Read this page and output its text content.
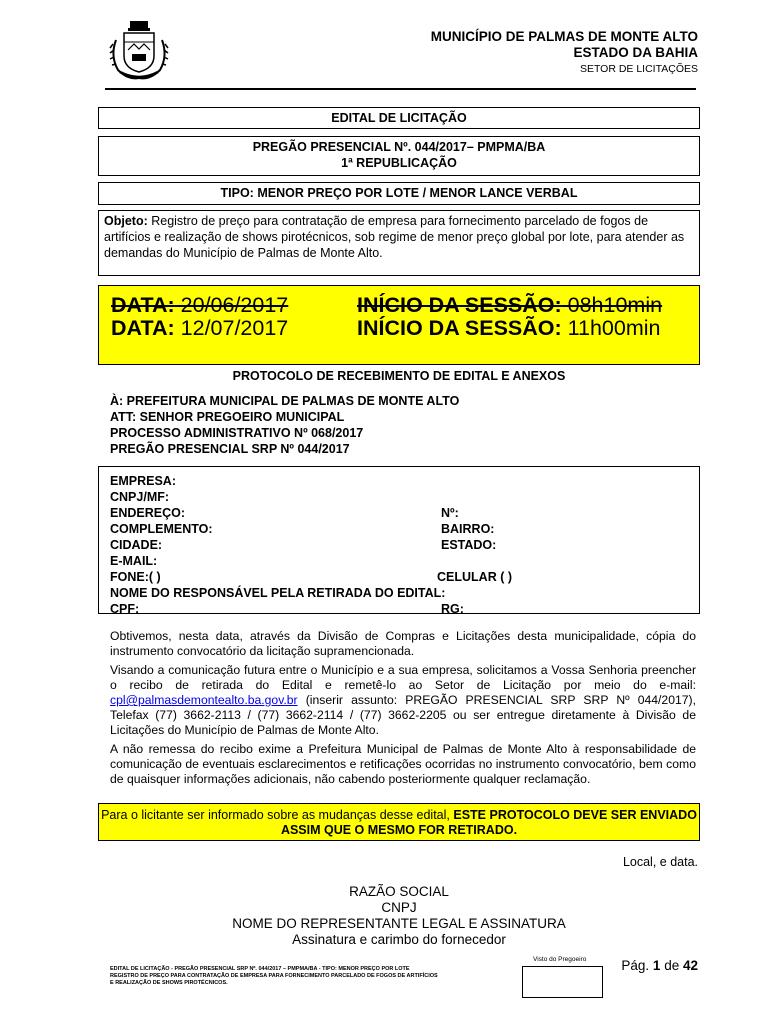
MUNICÍPIO DE PALMAS DE MONTE ALTO
ESTADO DA BAHIA
SETOR DE LICITAÇÕES
EDITAL DE LICITAÇÃO
PREGÃO PRESENCIAL Nº. 044/2017– PMPMA/BA
1ª REPUBLICAÇÃO
TIPO: MENOR PREÇO POR LOTE / MENOR LANCE VERBAL
Objeto: Registro de preço para contratação de empresa para fornecimento parcelado de fogos de artifícios e realização de shows pirotécnicos, sob regime de menor preço global por lote, para atender as demandas do Município de Palmas de Monte Alto.
DATA: 20/06/2017	INÍCIO DA SESSÃO: 08h10min
DATA: 12/07/2017	INÍCIO DA SESSÃO: 11h00min
PROTOCOLO DE RECEBIMENTO DE EDITAL E ANEXOS
À: PREFEITURA MUNICIPAL DE PALMAS DE MONTE ALTO
ATT: SENHOR PREGOEIRO MUNICIPAL
PROCESSO ADMINISTRATIVO Nº 068/2017
PREGÃO PRESENCIAL SRP Nº 044/2017
EMPRESA:
CNPJ/MF:
ENDEREÇO:	Nº:
COMPLEMENTO:	BAIRRO:
CIDADE:	ESTADO:
E-MAIL:
FONE:( )	CELULAR ( )
NOME DO RESPONSÁVEL PELA RETIRADA DO EDITAL:
CPF:	RG:
Obtivemos, nesta data, através da Divisão de Compras e Licitações desta municipalidade, cópia do instrumento convocatório da licitação supramencionada.
Visando a comunicação futura entre o Município e a sua empresa, solicitamos a Vossa Senhoria preencher o recibo de retirada do Edital e remetê-lo ao Setor de Licitação por meio do e-mail: cpl@palmasdemontealto.ba.gov.br (inserir assunto: PREGÃO PRESENCIAL SRP SRP Nº 044/2017), Telefax (77) 3662-2113 / (77) 3662-2114 / (77) 3662-2205 ou ser entregue diretamente à Divisão de Licitações do Município de Palmas de Monte Alto.
A não remessa do recibo exime a Prefeitura Municipal de Palmas de Monte Alto à responsabilidade de comunicação de eventuais esclarecimentos e retificações ocorridas no instrumento convocatório, bem como de quaisquer informações adicionais, não cabendo posteriormente qualquer reclamação.
Para o licitante ser informado sobre as mudanças desse edital, ESTE PROTOCOLO DEVE SER ENVIADO ASSIM QUE O MESMO FOR RETIRADO.
Local, e data.
RAZÃO SOCIAL
CNPJ
NOME DO REPRESENTANTE LEGAL E ASSINATURA
Assinatura e carimbo do fornecedor
EDITAL DE LICITAÇÃO - PREGÃO PRESENCIAL SRP Nº. 044/2017 – PMPMA/BA - TIPO: MENOR PREÇO POR LOTE
REGISTRO DE PREÇO PARA CONTRATAÇÃO DE EMPRESA PARA FORNECIMENTO PARCELADO DE FOGOS DE ARTIFÍCIOS
E REALIZAÇÃO DE SHOWS PIROTÉCNICOS.
Visto do Pregoeiro	Pág. 1 de 42
